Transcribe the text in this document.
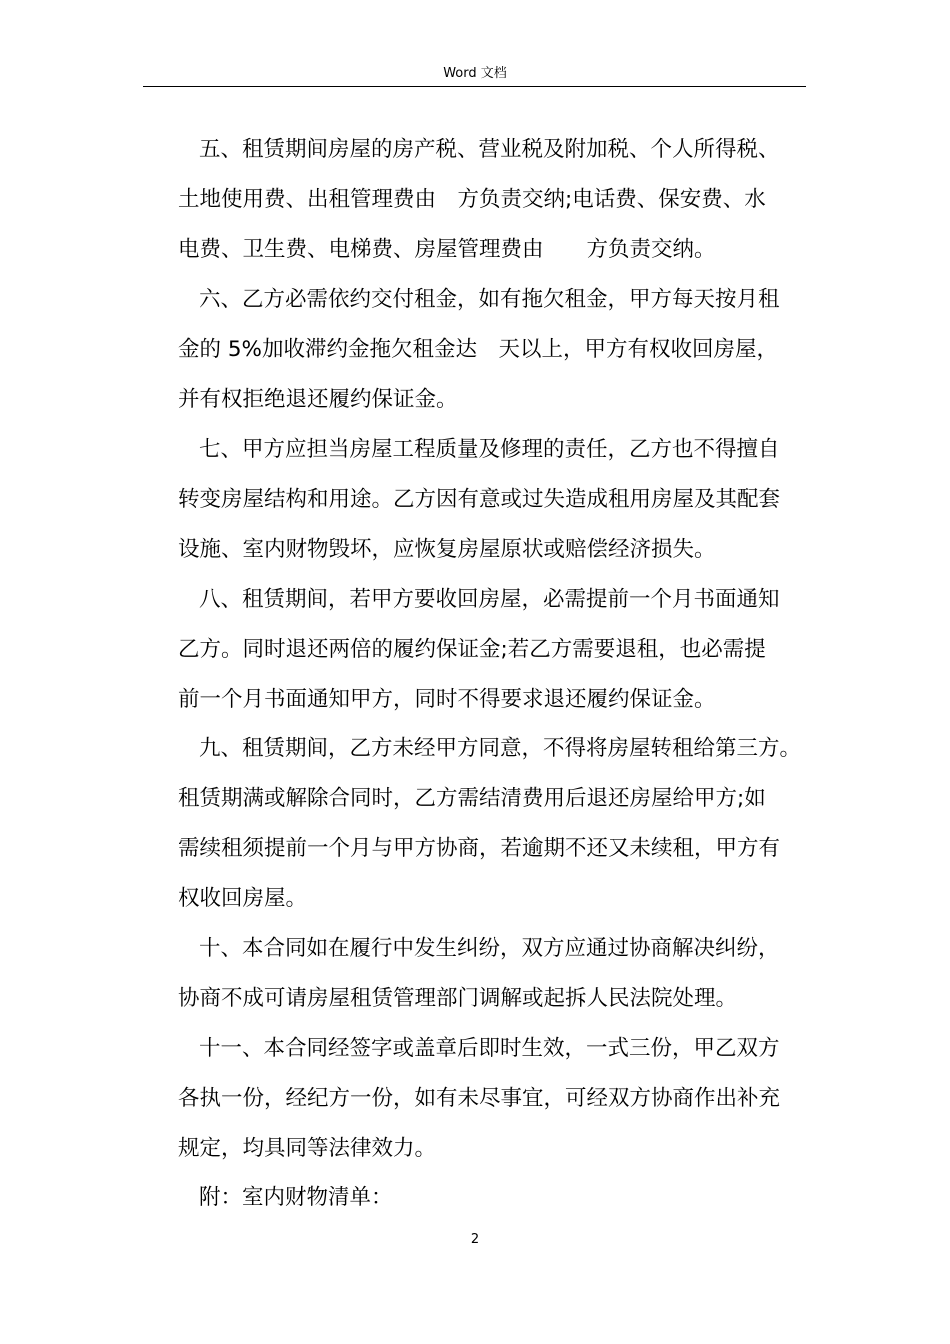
Word 文档
五、租赁期间房屋的房产税、营业税及附加税、个人所得税、
土地使用费、出租管理费由　方负责交纳;电话费、保安费、水
电费、卫生费、电梯费、房屋管理费由　　方负责交纳。
六、乙方必需依约交付租金，如有拖欠租金，甲方每天按月租
金的 5%加收滞约金拖欠租金达　天以上，甲方有权收回房屋，
并有权拒绝退还履约保证金。
七、甲方应担当房屋工程质量及修理的责任，乙方也不得擅自
转变房屋结构和用途。乙方因有意或过失造成租用房屋及其配套
设施、室内财物毁坏，应恢复房屋原状或赔偿经济损失。
八、租赁期间，若甲方要收回房屋，必需提前一个月书面通知
乙方。同时退还两倍的履约保证金;若乙方需要退租，也必需提
前一个月书面通知甲方，同时不得要求退还履约保证金。
九、租赁期间，乙方未经甲方同意，不得将房屋转租给第三方。
租赁期满或解除合同时，乙方需结清费用后退还房屋给甲方;如
需续租须提前一个月与甲方协商，若逾期不还又未续租，甲方有
权收回房屋。
十、本合同如在履行中发生纠纷，双方应通过协商解决纠纷，
协商不成可请房屋租赁管理部门调解或起拆人民法院处理。
十一、本合同经签字或盖章后即时生效，一式三份，甲乙双方
各执一份，经纪方一份，如有未尽事宜，可经双方协商作出补充
规定，均具同等法律效力。
附：室内财物清单：
2
